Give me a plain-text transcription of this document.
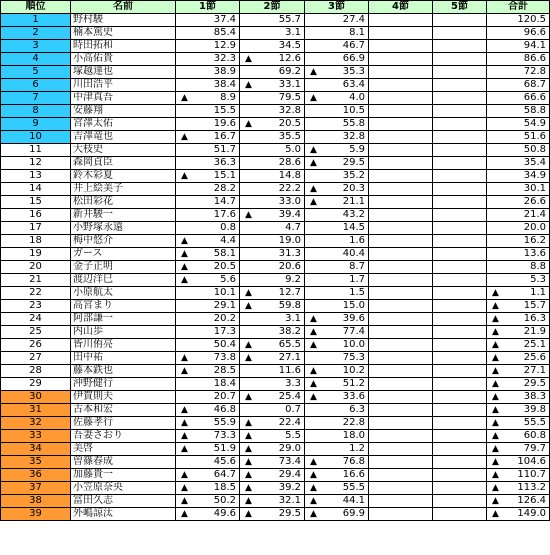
順位	名前	1節	2節	3節	4節	5節	合計
1	野村駿	37.4	55.7	27.4			120.5
2	楠本篤史	85.4	3.1	8.1			96.6
3	時田拓和	12.9	34.5	46.7			94.1
4	小高佑貴	32.3	▲ 12.6	66.9			86.6
5	塚越達也	38.9	69.2	▲ 35.3			72.8
6	川田浩平	38.4	▲ 33.1	63.4			68.7
7	中津真吾	▲ 8.9	79.5	▲ 4.0			66.6
8	安藤翔	15.5	32.8	10.5			58.8
9	宮澤太佑	19.6	▲ 20.5	55.8			54.9
10	吉澤竜也	▲ 16.7	35.5	32.8			51.6
11	大枝史	51.7	5.0	▲ 5.9			50.8
12	森岡貞臣	36.3	28.6	▲ 29.5			35.4
13	鈴木彩夏	▲ 15.1	14.8	35.2			34.9
14	井上絵美子	28.2	22.2	▲ 20.3			30.1
15	松田彩花	14.7	33.0	▲ 21.1			26.6
16	新井駿一	17.6	▲ 39.4	43.2			21.4
17	小野塚永遠	0.8	4.7	14.5			20.0
18	梅中悠介	▲ 4.4	19.0	1.6			16.2
19	ガース	▲ 58.1	31.3	40.4			13.6
20	金子正明	▲ 20.5	20.6	8.7			8.8
21	渡辺洋巳	▲ 5.6	9.2	1.7			5.3
22	小原航太	10.1	▲ 12.7	1.5			▲ 1.1
23	高宮まり	29.1	▲ 59.8	15.0			▲ 15.7
24	阿部謙一	20.2	3.1	▲ 39.6			▲ 16.3
25	内山歩	17.3	38.2	▲ 77.4			▲ 21.9
26	皆川侑亮	50.4	▲ 65.5	▲ 10.0			▲ 25.1
27	田中祐	▲ 73.8	▲ 27.1	75.3			▲ 25.6
28	藤本鉄也	▲ 28.5	11.6	▲ 10.2			▲ 27.1
29	沖野健行	18.4	3.3	▲ 51.2			▲ 29.5
30	伊賀則夫	20.7	▲ 25.4	▲ 33.6			▲ 38.3
31	古本和宏	▲ 46.8	0.7	6.3			▲ 39.8
32	佐藤孝行	▲ 55.9	▲ 22.4	22.8			▲ 55.5
33	吾妻さおり	▲ 73.3	▲ 5.5	18.0			▲ 60.8
34	美啓	▲ 51.9	▲ 29.0	1.2			▲ 79.7
35	曽篠春成	45.6	▲ 73.4	▲ 76.8			▲ 104.6
36	加藤貴一	▲ 64.7	▲ 29.4	▲ 16.6			▲ 110.7
37	小笠原奈央	▲ 18.5	▲ 39.2	▲ 55.5			▲ 113.2
38	冨田久志	▲ 50.2	▲ 32.1	▲ 44.1			▲ 126.4
39	外嶋諒汰	▲ 49.6	▲ 29.5	▲ 69.9			▲ 149.0
